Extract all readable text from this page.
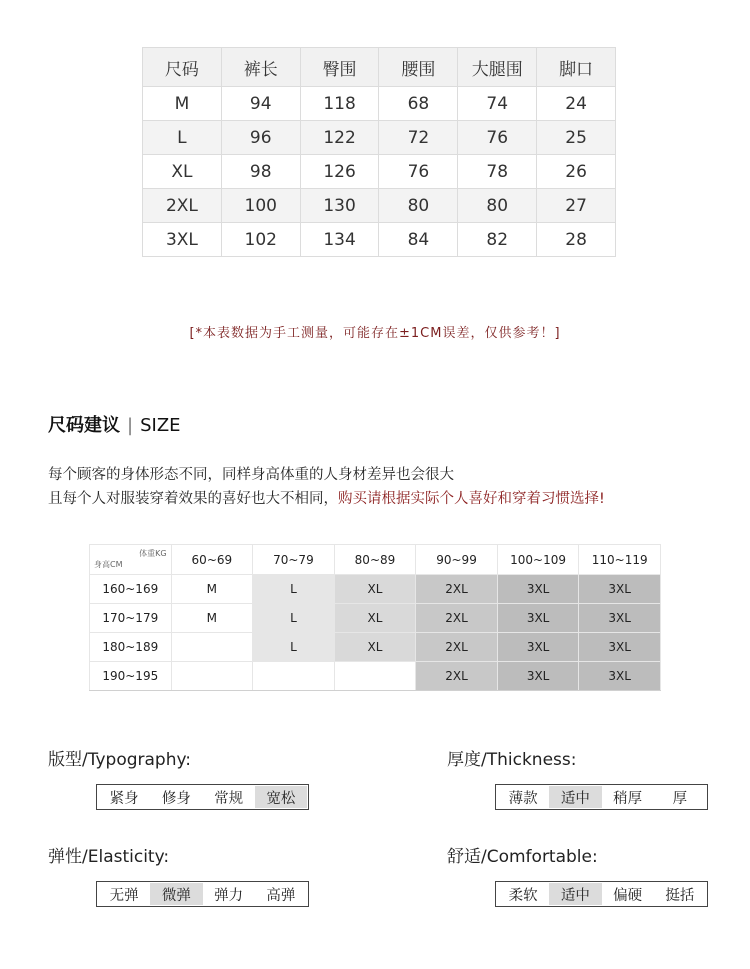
尺码	裤长	臀围	腰围	大腿围	脚口
M	94	118	68	74	24
L	96	122	72	76	25
XL	98	126	76	78	26
2XL	100	130	80	80	27
3XL	102	134	84	82	28
[*本表数据为手工测量，可能存在±1CM误差，仅供参考！]
尺码建议 | SIZE
每个顾客的身体形态不同，同样身高体重的人身材差异也会很大
且每个人对服装穿着效果的喜好也大不相同，购买请根据实际个人喜好和穿着习惯选择!
体重KG
身高CM	60~69	70~79	80~89	90~99	100~109	110~119
160~169	M	L	XL	2XL	3XL	3XL
170~179	M	L	XL	2XL	3XL	3XL
180~189		L	XL	2XL	3XL	3XL
190~195				2XL	3XL	3XL
版型/Typography:
紧身	修身	常规	宽松
厚度/Thickness:
薄款	适中	稍厚	厚
弹性/Elasticity:
无弹	微弹	弹力	高弹
舒适/Comfortable:
柔软	适中	偏硬	挺括
